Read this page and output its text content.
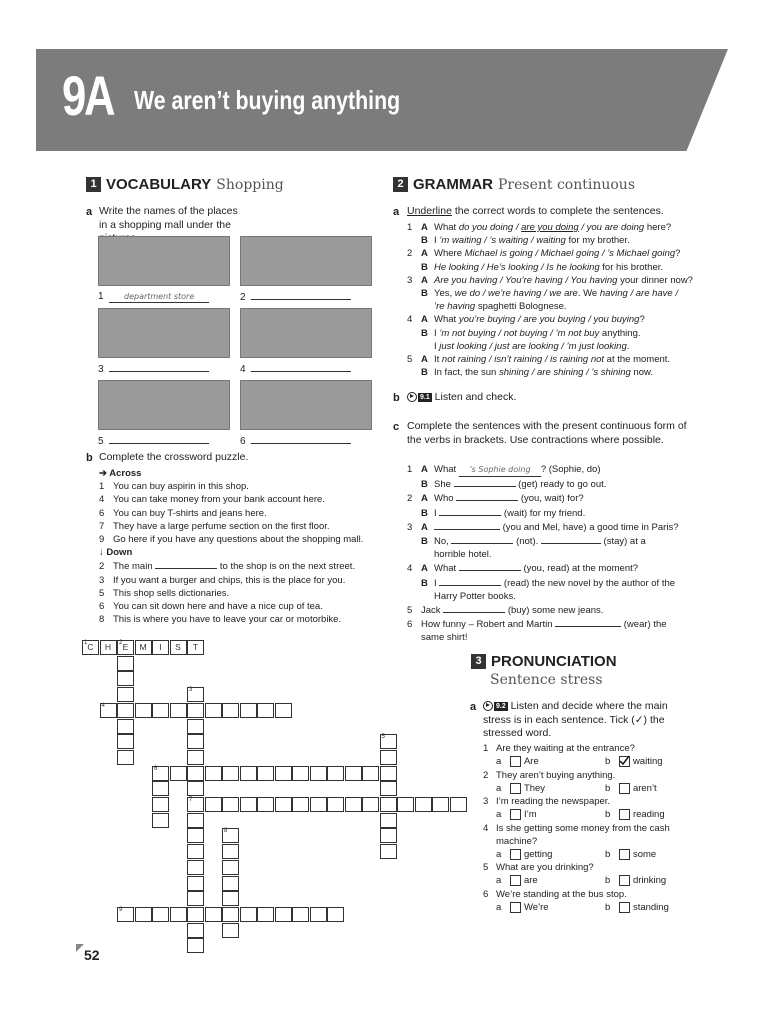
9A We aren’t buying anything
1 VOCABULARY Shopping
a Write the names of the places in a shopping mall under the
1	department store	2
3	4
5	6
b Complete the crossword puzzle.
➔ Across
1 You can buy aspirin in this shop.
4 You can take money from your bank account here.
6 You can buy T-shirts and jeans here.
7 They have a large perfume section on the first floor.
9 Go here if you have any questions about the shopping mall.
↓ Down
2 The main	to the shop is on the next street.
3 If you want a burger and chips, this is the place for you.
5 This shop sells dictionaries.
6 You can sit down here and have a nice cup of tea.
8 This is where you have to leave your car or motorbike.
C
1	H	E
2	M	I	S	T
4
3
7
5
6
8
9
2 GRAMMAR Present continuous
a Underline the correct words to complete the sentences.
1 A What do you doing / are you doing / you are doing here?
B I ’m waiting / ’s waiting / waiting for my brother.
2 A Where Michael is going / Michael going / ’s Michael going?
B He looking / He’s looking / Is he looking for his brother.
3 A Are you having / You’re having / You having your dinner now?
B Yes, we do / we’re having / we are. We having / are have /
’re having spaghetti Bolognese.
4 A What you’re buying / are you buying / you buying?
B I ’m not buying / not buying / ’m not buy anything.
I just looking / just are looking / ’m just looking.
5 A It not raining / isn’t raining / is raining not at the moment.
B In fact, the sun shining / are shining / ’s shining now.
b	9.1 Listen and check.
c Complete the sentences with the present continuous form of the verbs in brackets. Use contractions where possible.
1 A What ’s Sophie doing ? (Sophie, do)
B She	(get) ready to go out.
2 A Who	(you, wait) for?
B I	(wait) for my friend.
3 A	(you and Mel, have) a good time in Paris?
B No,	(not).	(stay) at a
horrible hotel.
4 A What	(you, read) at the moment?
B I	(read) the new novel by the author of the
Harry Potter books.
5 Jack	(buy) some new jeans.
6 How funny – Robert and Martin	(wear) the
same shirt!
3 PRONUNCIATION
Sentence stress
a	9.2 Listen and decide where the main stress is in each sentence. Tick (✓) the stressed word.
1 Are they waiting at the entrance?
a Are	b
waiting
2 They aren’t buying anything.
a They	b aren’t
3 I’m reading the newspaper.
a I’m	b reading
4 Is she getting some money from the cash
machine?
a getting	b some
5 What are you drinking?
a are	b drinking
6 We’re standing at the bus stop.
a We’re	b standing
52
